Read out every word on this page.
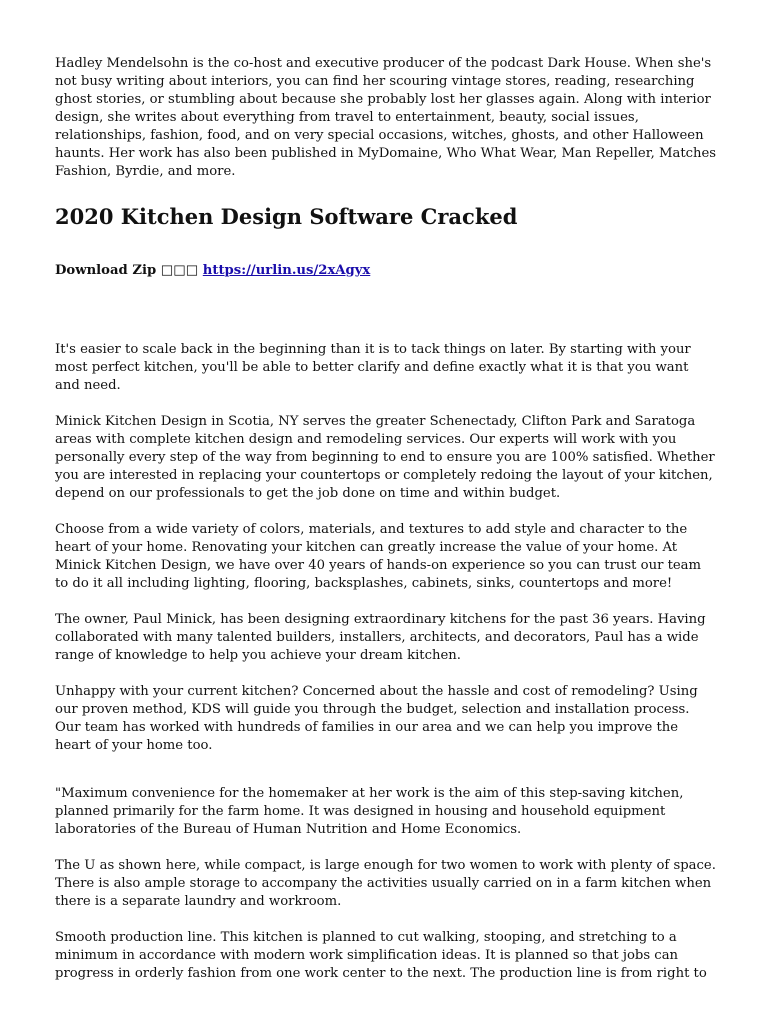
Hadley Mendelsohn is the co-host and executive producer of the podcast Dark House. When she's not busy writing about interiors, you can find her scouring vintage stores, reading, researching ghost stories, or stumbling about because she probably lost her glasses again. Along with interior design, she writes about everything from travel to entertainment, beauty, social issues, relationships, fashion, food, and on very special occasions, witches, ghosts, and other Halloween haunts. Her work has also been published in MyDomaine, Who What Wear, Man Repeller, Matches Fashion, Byrdie, and more.

2020 Kitchen Design Software Cracked
Download Zip □□□ https://urlin.us/2xAgyx

It's easier to scale back in the beginning than it is to tack things on later. By starting with your most perfect kitchen, you'll be able to better clarify and define exactly what it is that you want and need.

Minick Kitchen Design in Scotia, NY serves the greater Schenectady, Clifton Park and Saratoga areas with complete kitchen design and remodeling services. Our experts will work with you personally every step of the way from beginning to end to ensure you are 100% satisfied. Whether you are interested in replacing your countertops or completely redoing the layout of your kitchen, depend on our professionals to get the job done on time and within budget.

Choose from a wide variety of colors, materials, and textures to add style and character to the heart of your home. Renovating your kitchen can greatly increase the value of your home. At Minick Kitchen Design, we have over 40 years of hands-on experience so you can trust our team to do it all including lighting, flooring, backsplashes, cabinets, sinks, countertops and more!

The owner, Paul Minick, has been designing extraordinary kitchens for the past 36 years. Having collaborated with many talented builders, installers, architects, and decorators, Paul has a wide range of knowledge to help you achieve your dream kitchen.

Unhappy with your current kitchen? Concerned about the hassle and cost of remodeling? Using our proven method, KDS will guide you through the budget, selection and installation process. Our team has worked with hundreds of families in our area and we can help you improve the heart of your home too.

"Maximum convenience for the homemaker at her work is the aim of this step-saving kitchen, planned primarily for the farm home. It was designed in housing and household equipment laboratories of the Bureau of Human Nutrition and Home Economics.

The U as shown here, while compact, is large enough for two women to work with plenty of space. There is also ample storage to accompany the activities usually carried on in a farm kitchen when there is a separate laundry and workroom.

Smooth production line. This kitchen is planned to cut walking, stooping, and stretching to a minimum in accordance with modern work simplification ideas. It is planned so that jobs can progress in orderly fashion from one work center to the next. The production line is from right to
